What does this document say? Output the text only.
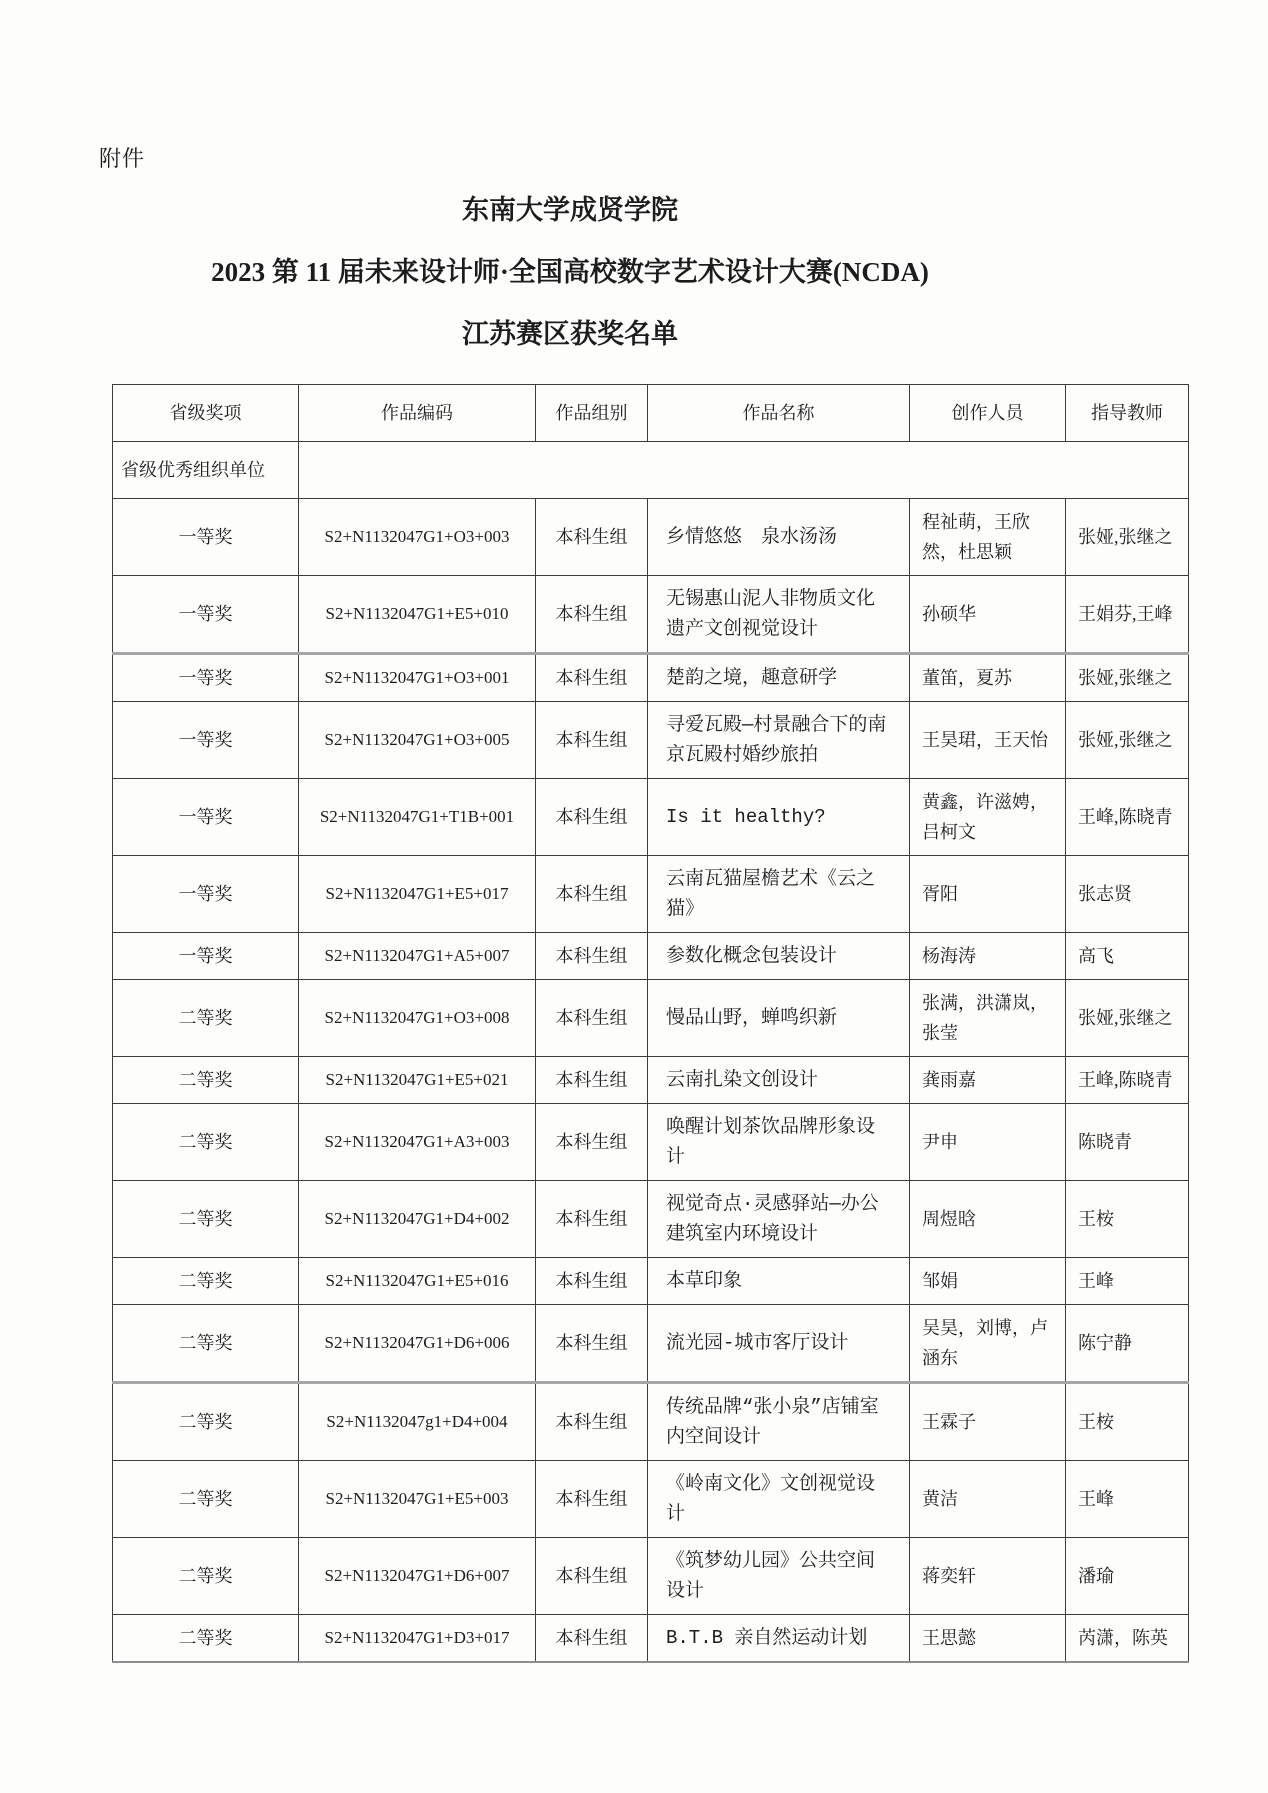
附件
东南大学成贤学院
2023 第 11 届未来设计师·全国高校数字艺术设计大赛(NCDA)
江苏赛区获奖名单
省级奖项	作品编码	作品组别	作品名称	创作人员	指导教师
省级优秀组织单位					
一等奖	S2+N1132047G1+O3+003	本科生组	乡情悠悠　泉水汤汤	程祉萌，王欣然，杜思颖	张娅,张继之
一等奖	S2+N1132047G1+E5+010	本科生组	无锡惠山泥人非物质文化遗产文创视觉设计	孙硕华	王娟芬,王峰
一等奖	S2+N1132047G1+O3+001	本科生组	楚韵之境，趣意研学	董笛，夏苏	张娅,张继之
一等奖	S2+N1132047G1+O3+005	本科生组	寻爱瓦殿—村景融合下的南京瓦殿村婚纱旅拍	王昊珺，王天怡	张娅,张继之
一等奖	S2+N1132047G1+T1B+001	本科生组	Is it healthy?	黄鑫，许滋娉，吕柯文	王峰,陈晓青
一等奖	S2+N1132047G1+E5+017	本科生组	云南瓦猫屋檐艺术《云之猫》	胥阳	张志贤
一等奖	S2+N1132047G1+A5+007	本科生组	参数化概念包装设计	杨海涛	高飞
二等奖	S2+N1132047G1+O3+008	本科生组	慢品山野，蝉鸣织新	张满，洪潇岚，张莹	张娅,张继之
二等奖	S2+N1132047G1+E5+021	本科生组	云南扎染文创设计	龚雨嘉	王峰,陈晓青
二等奖	S2+N1132047G1+A3+003	本科生组	唤醒计划茶饮品牌形象设计	尹申	陈晓青
二等奖	S2+N1132047G1+D4+002	本科生组	视觉奇点·灵感驿站—办公建筑室内环境设计	周煜晗	王桉
二等奖	S2+N1132047G1+E5+016	本科生组	本草印象	邹娟	王峰
二等奖	S2+N1132047G1+D6+006	本科生组	流光园-城市客厅设计	吴昊，刘博，卢涵东	陈宁静
二等奖	S2+N1132047g1+D4+004	本科生组	传统品牌“张小泉”店铺室内空间设计	王霖子	王桉
二等奖	S2+N1132047G1+E5+003	本科生组	《岭南文化》文创视觉设计	黄洁	王峰
二等奖	S2+N1132047G1+D6+007	本科生组	《筑梦幼儿园》公共空间设计	蒋奕轩	潘瑜
二等奖	S2+N1132047G1+D3+017	本科生组	B.T.B 亲自然运动计划	王思懿	芮潇，陈英
